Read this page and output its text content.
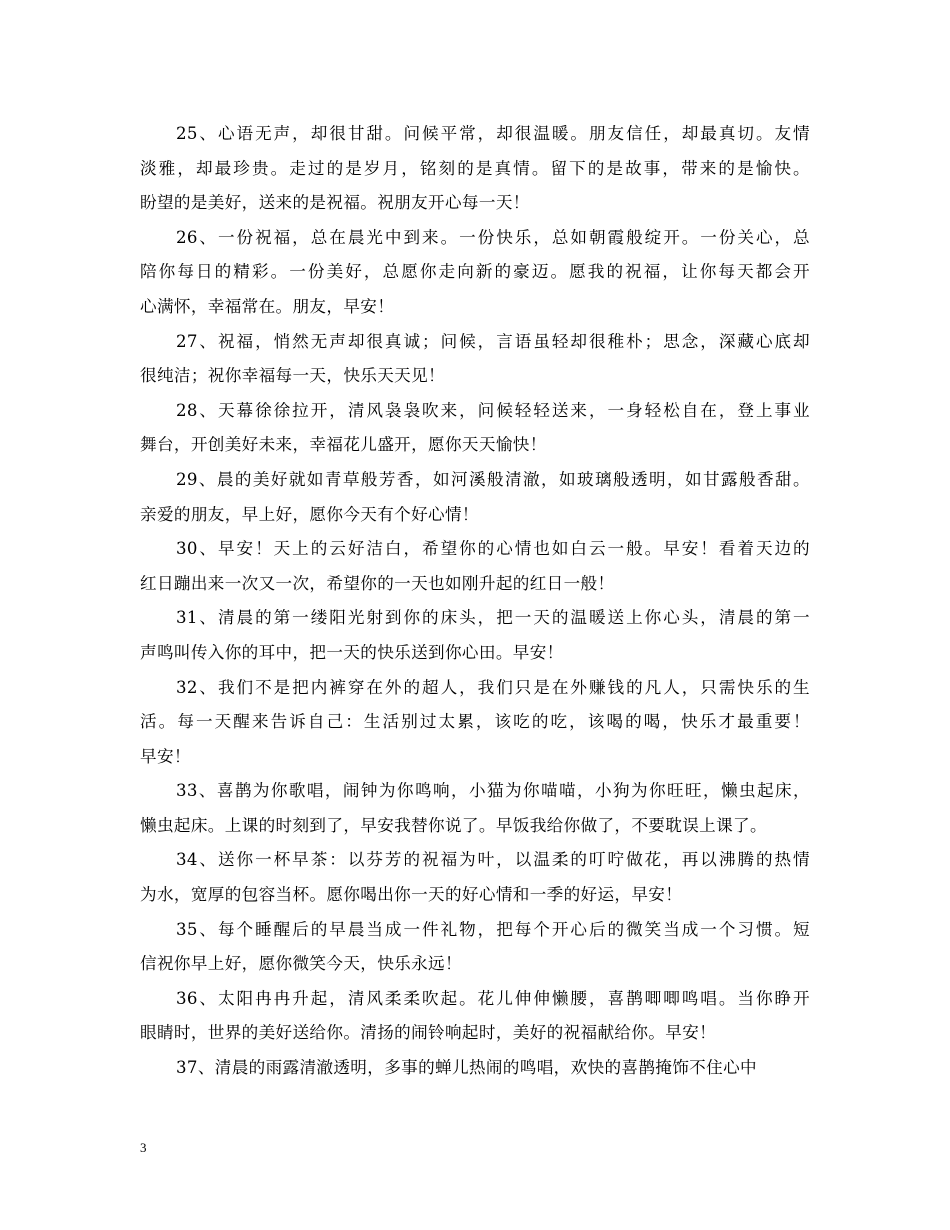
25、心语无声，却很甘甜。问候平常，却很温暖。朋友信任，却最真切。友情
淡雅，却最珍贵。走过的是岁月，铭刻的是真情。留下的是故事，带来的是愉快。
盼望的是美好，送来的是祝福。祝朋友开心每一天！
26、一份祝福，总在晨光中到来。一份快乐，总如朝霞般绽开。一份关心，总
陪你每日的精彩。一份美好，总愿你走向新的豪迈。愿我的祝福，让你每天都会开
心满怀，幸福常在。朋友，早安！
27、祝福，悄然无声却很真诚；问候，言语虽轻却很稚朴；思念，深藏心底却
很纯洁；祝你幸福每一天，快乐天天见！
28、天幕徐徐拉开，清风袅袅吹来，问候轻轻送来，一身轻松自在，登上事业
舞台，开创美好未来，幸福花儿盛开，愿你天天愉快！
29、晨的美好就如青草般芳香，如河溪般清澈，如玻璃般透明，如甘露般香甜。
亲爱的朋友，早上好，愿你今天有个好心情！
30、早安！天上的云好洁白，希望你的心情也如白云一般。早安！看着天边的
红日蹦出来一次又一次，希望你的一天也如刚升起的红日一般！
31、清晨的第一缕阳光射到你的床头，把一天的温暖送上你心头，清晨的第一
声鸣叫传入你的耳中，把一天的快乐送到你心田。早安！
32、我们不是把内裤穿在外的超人，我们只是在外赚钱的凡人，只需快乐的生
活。每一天醒来告诉自己：生活别过太累，该吃的吃，该喝的喝，快乐才最重要！
早安！
33、喜鹊为你歌唱，闹钟为你鸣响，小猫为你喵喵，小狗为你旺旺，懒虫起床，
懒虫起床。上课的时刻到了，早安我替你说了。早饭我给你做了，不要耽误上课了。
34、送你一杯早茶：以芬芳的祝福为叶，以温柔的叮咛做花，再以沸腾的热情
为水，宽厚的包容当杯。愿你喝出你一天的好心情和一季的好运，早安！
35、每个睡醒后的早晨当成一件礼物，把每个开心后的微笑当成一个习惯。短
信祝你早上好，愿你微笑今天，快乐永远！
36、太阳冉冉升起，清风柔柔吹起。花儿伸伸懒腰，喜鹊唧唧鸣唱。当你睁开
眼睛时，世界的美好送给你。清扬的闹铃响起时，美好的祝福献给你。早安！
37、清晨的雨露清澈透明，多事的蝉儿热闹的鸣唱，欢快的喜鹊掩饰不住心中
3
